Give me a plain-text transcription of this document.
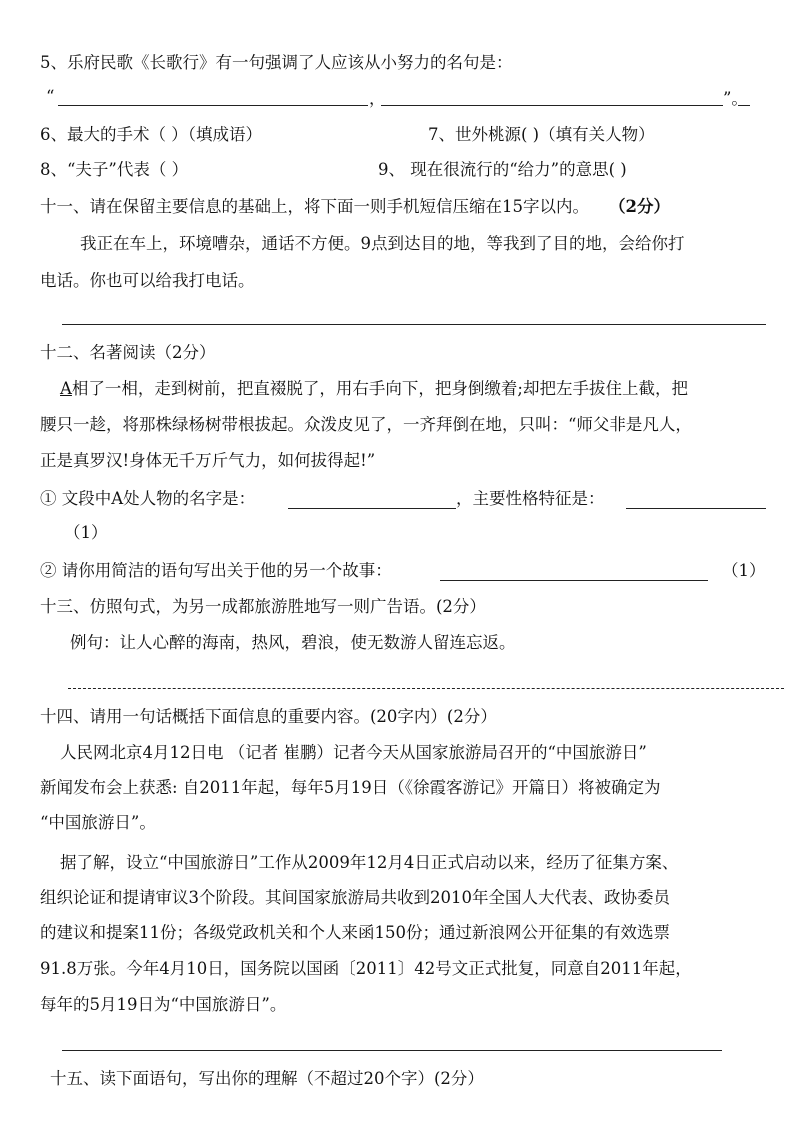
5、乐府民歌《长歌行》有一句强调了人应该从小努力的名句是：
“	，	”。
6、最大的手术（ ）（填成语）	7、世外桃源( )（填有关人物）
8、“夫子”代表（ ）	9、 现在很流行的“给力”的意思( )
十一、请在保留主要信息的基础上，将下面一则手机短信压缩在15字以内。 （2分）
我正在车上，环境嘈杂，通话不方便。9点到达目的地，等我到了目的地，会给你打
电话。你也可以给我打电话。
十二、名著阅读（2分）
A相了一相，走到树前，把直裰脱了，用右手向下，把身倒缴着;却把左手拔住上截，把
腰只一趁，将那株绿杨树带根拔起。众泼皮见了，一齐拜倒在地，只叫：“师父非是凡人，
正是真罗汉!身体无千万斤气力，如何拔得起!”
① 文段中A处人物的名字是：	，主要性格特征是：
（1）
② 请你用简洁的语句写出关于他的另一个故事：	（1）
十三、仿照句式，为另一成都旅游胜地写一则广告语。(2分）
例句：让人心醉的海南，热风，碧浪，使无数游人留连忘返。
十四、请用一句话概括下面信息的重要内容。(20字内）(2分）
人民网北京4月12日电 （记者 崔鹏）记者今天从国家旅游局召开的“中国旅游日”
新闻发布会上获悉: 自2011年起，每年5月19日（《徐霞客游记》开篇日）将被确定为
“中国旅游日”。
据了解，设立“中国旅游日”工作从2009年12月4日正式启动以来，经历了征集方案、
组织论证和提请审议3个阶段。其间国家旅游局共收到2010年全国人大代表、政协委员
的建议和提案11份；各级党政机关和个人来函150份；通过新浪网公开征集的有效选票
91.8万张。今年4月10日，国务院以国函〔2011〕42号文正式批复，同意自2011年起，
每年的5月19日为“中国旅游日”。
十五、读下面语句，写出你的理解（不超过20个字）(2分）
